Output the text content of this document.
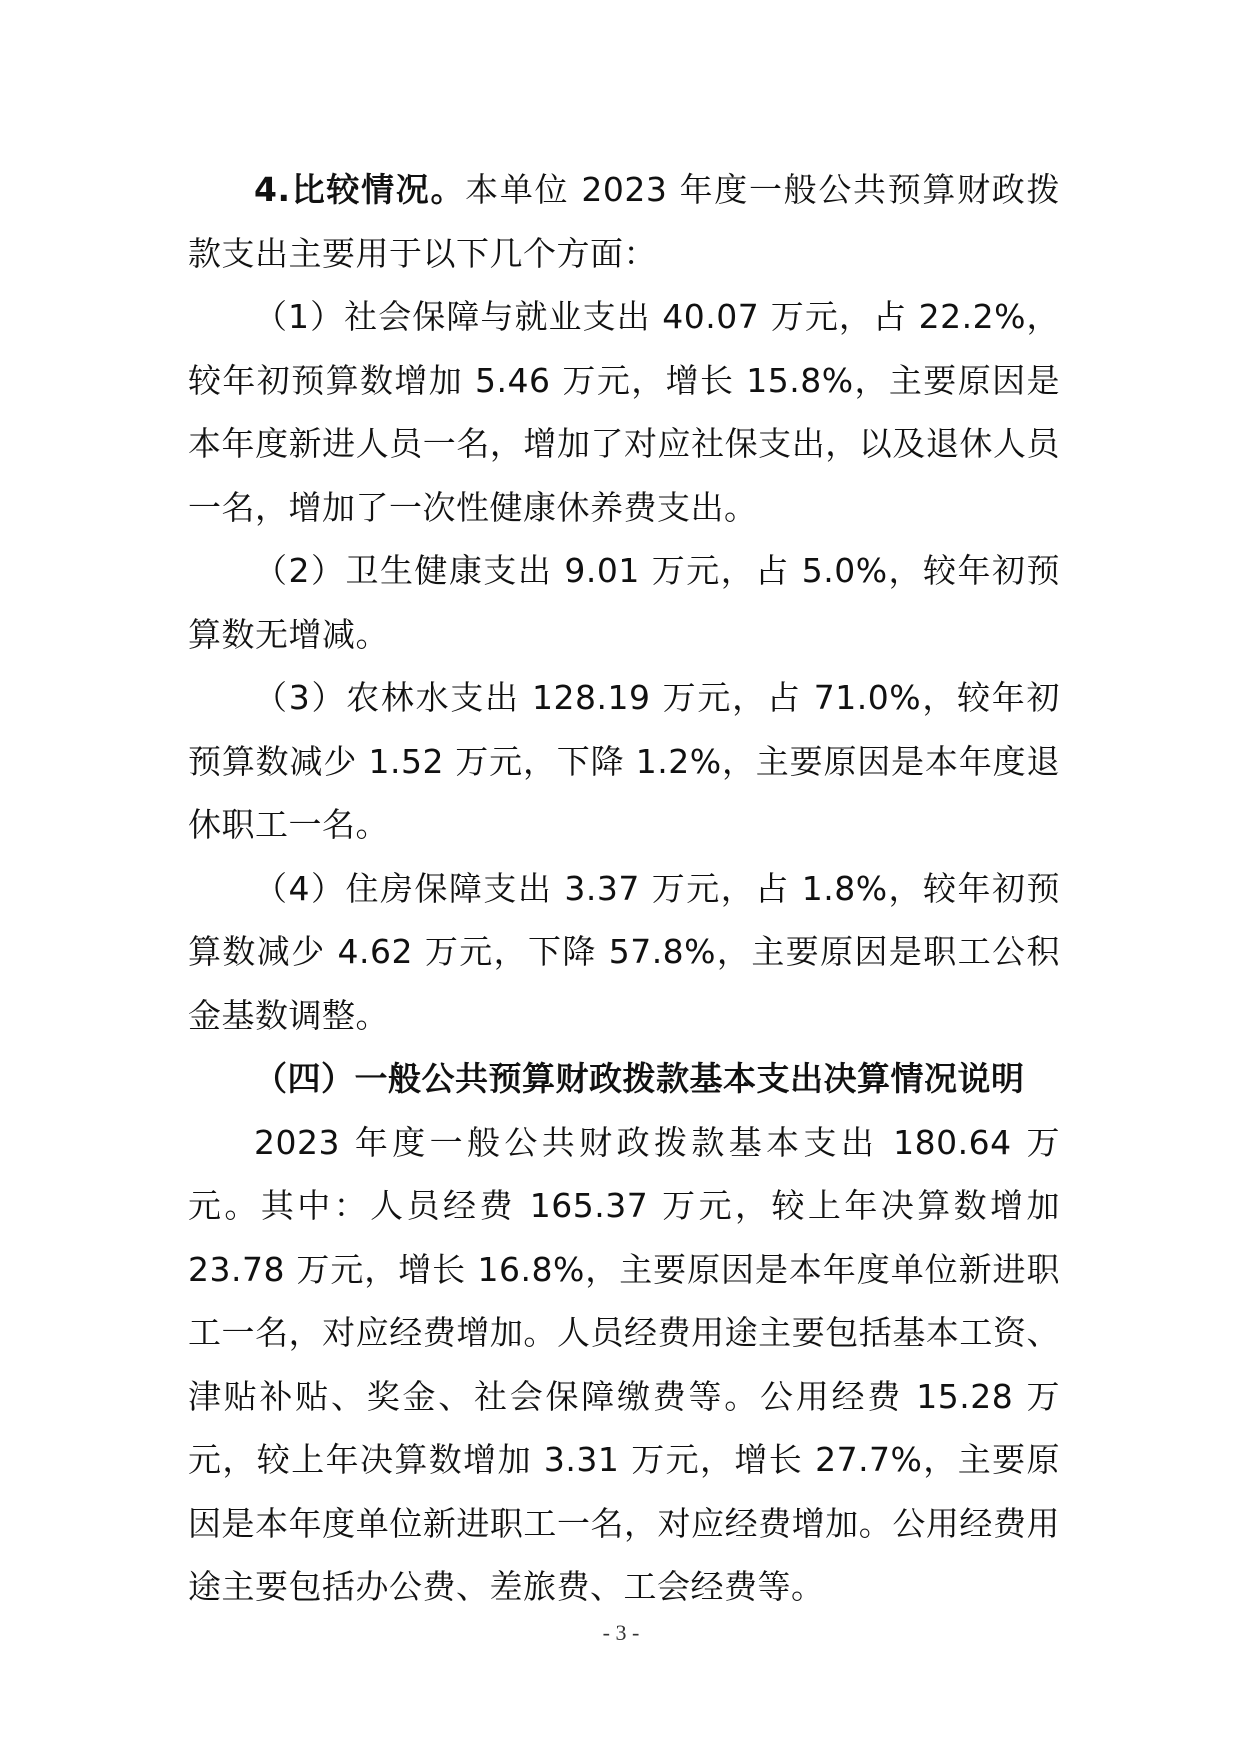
4.比较情况。本单位 2023 年度一般公共预算财政拨款支出主要用于以下几个方面：

（1）社会保障与就业支出 40.07 万元，占 22.2%，较年初预算数增加 5.46 万元，增长 15.8%，主要原因是本年度新进人员一名，增加了对应社保支出，以及退休人员一名，增加了一次性健康休养费支出。

（2）卫生健康支出 9.01 万元，占 5.0%，较年初预算数无增减。

（3）农林水支出 128.19 万元，占 71.0%，较年初预算数减少 1.52 万元，下降 1.2%，主要原因是本年度退休职工一名。

（4）住房保障支出 3.37 万元，占 1.8%，较年初预算数减少 4.62 万元，下降 57.8%，主要原因是职工公积金基数调整。

（四）一般公共预算财政拨款基本支出决算情况说明

2023 年度一般公共财政拨款基本支出 180.64 万元。其中：人员经费 165.37 万元，较上年决算数增加 23.78 万元，增长 16.8%，主要原因是本年度单位新进职工一名，对应经费增加。人员经费用途主要包括基本工资、津贴补贴、奖金、社会保障缴费等。公用经费 15.28 万元，较上年决算数增加 3.31 万元，增长 27.7%，主要原因是本年度单位新进职工一名，对应经费增加。公用经费用途主要包括办公费、差旅费、工会经费等。

- 3 -
